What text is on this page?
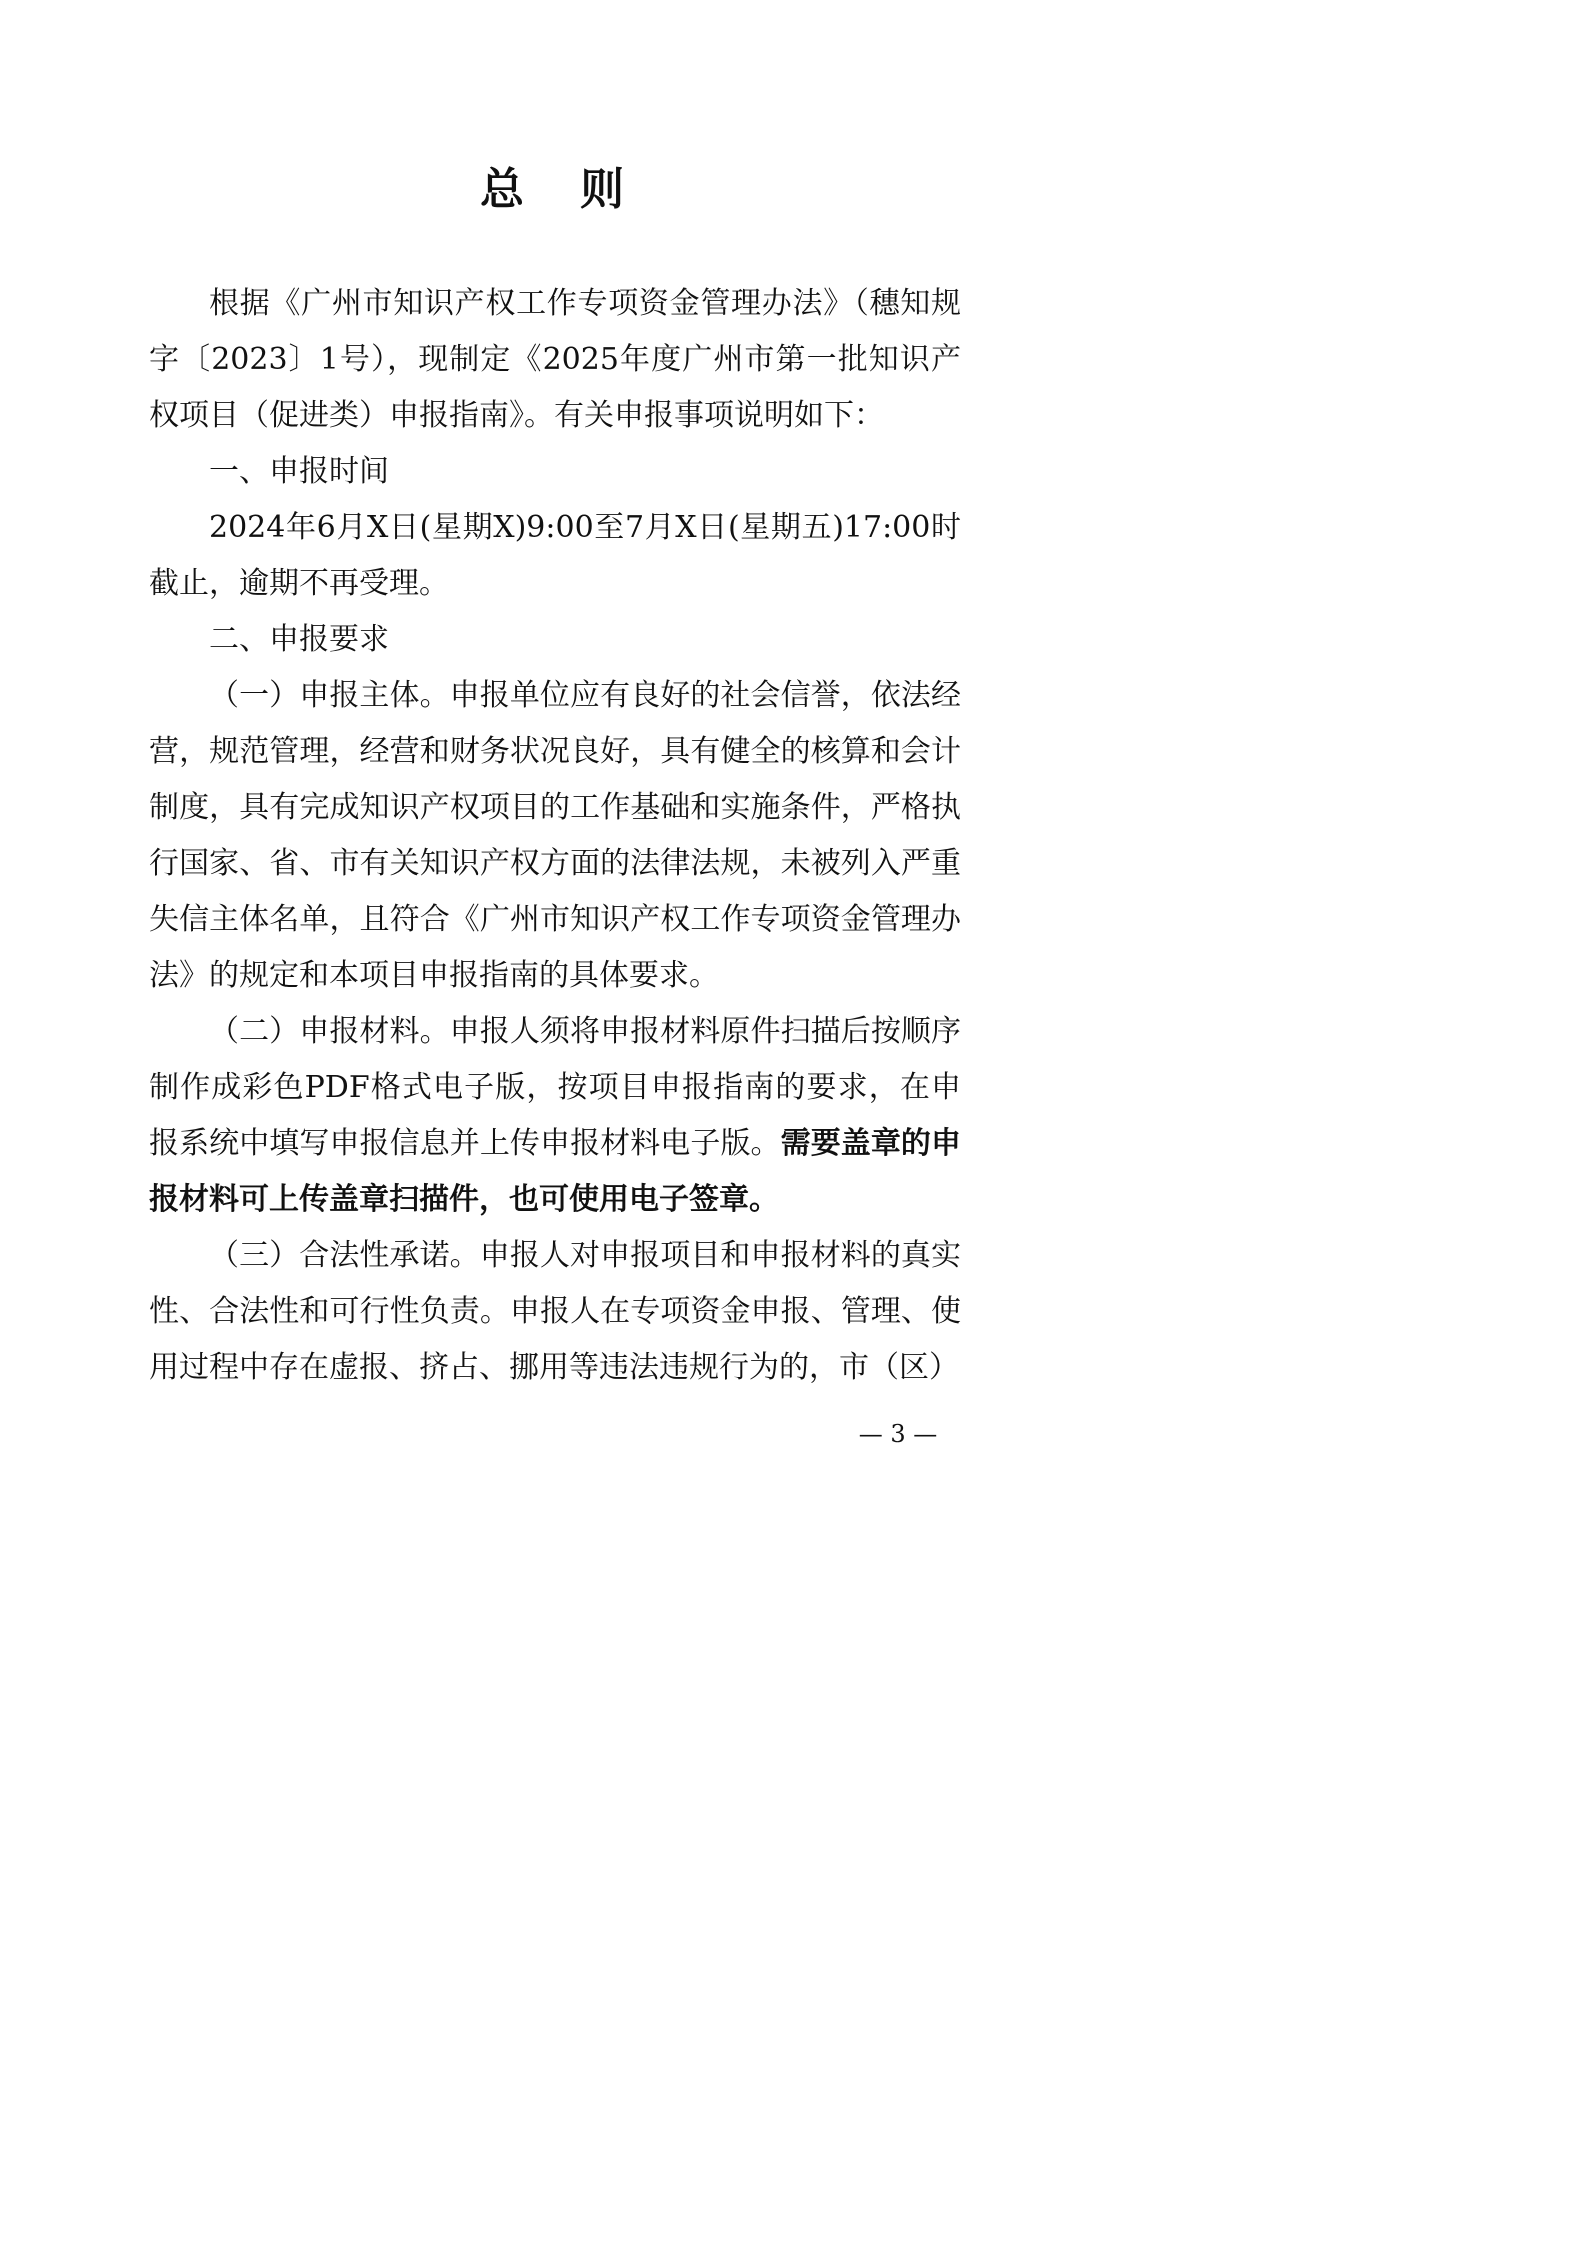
总 则

根据《广州市知识产权工作专项资金管理办法》（穗知规字〔2023〕1号），现制定《2025年度广州市第一批知识产权项目（促进类）申报指南》。有关申报事项说明如下：

一、申报时间

2024年6月X日(星期X)9:00至7月X日(星期五)17:00时截止，逾期不再受理。

二、申报要求

（一）申报主体。申报单位应有良好的社会信誉，依法经营，规范管理，经营和财务状况良好，具有健全的核算和会计制度，具有完成知识产权项目的工作基础和实施条件，严格执行国家、省、市有关知识产权方面的法律法规，未被列入严重失信主体名单，且符合《广州市知识产权工作专项资金管理办法》的规定和本项目申报指南的具体要求。

（二）申报材料。申报人须将申报材料原件扫描后按顺序制作成彩色PDF格式电子版，按项目申报指南的要求，在申报系统中填写申报信息并上传申报材料电子版。需要盖章的申报材料可上传盖章扫描件，也可使用电子签章。

（三）合法性承诺。申报人对申报项目和申报材料的真实性、合法性和可行性负责。申报人在专项资金申报、管理、使用过程中存在虚报、挤占、挪用等违法违规行为的，市（区）

— 3 —
